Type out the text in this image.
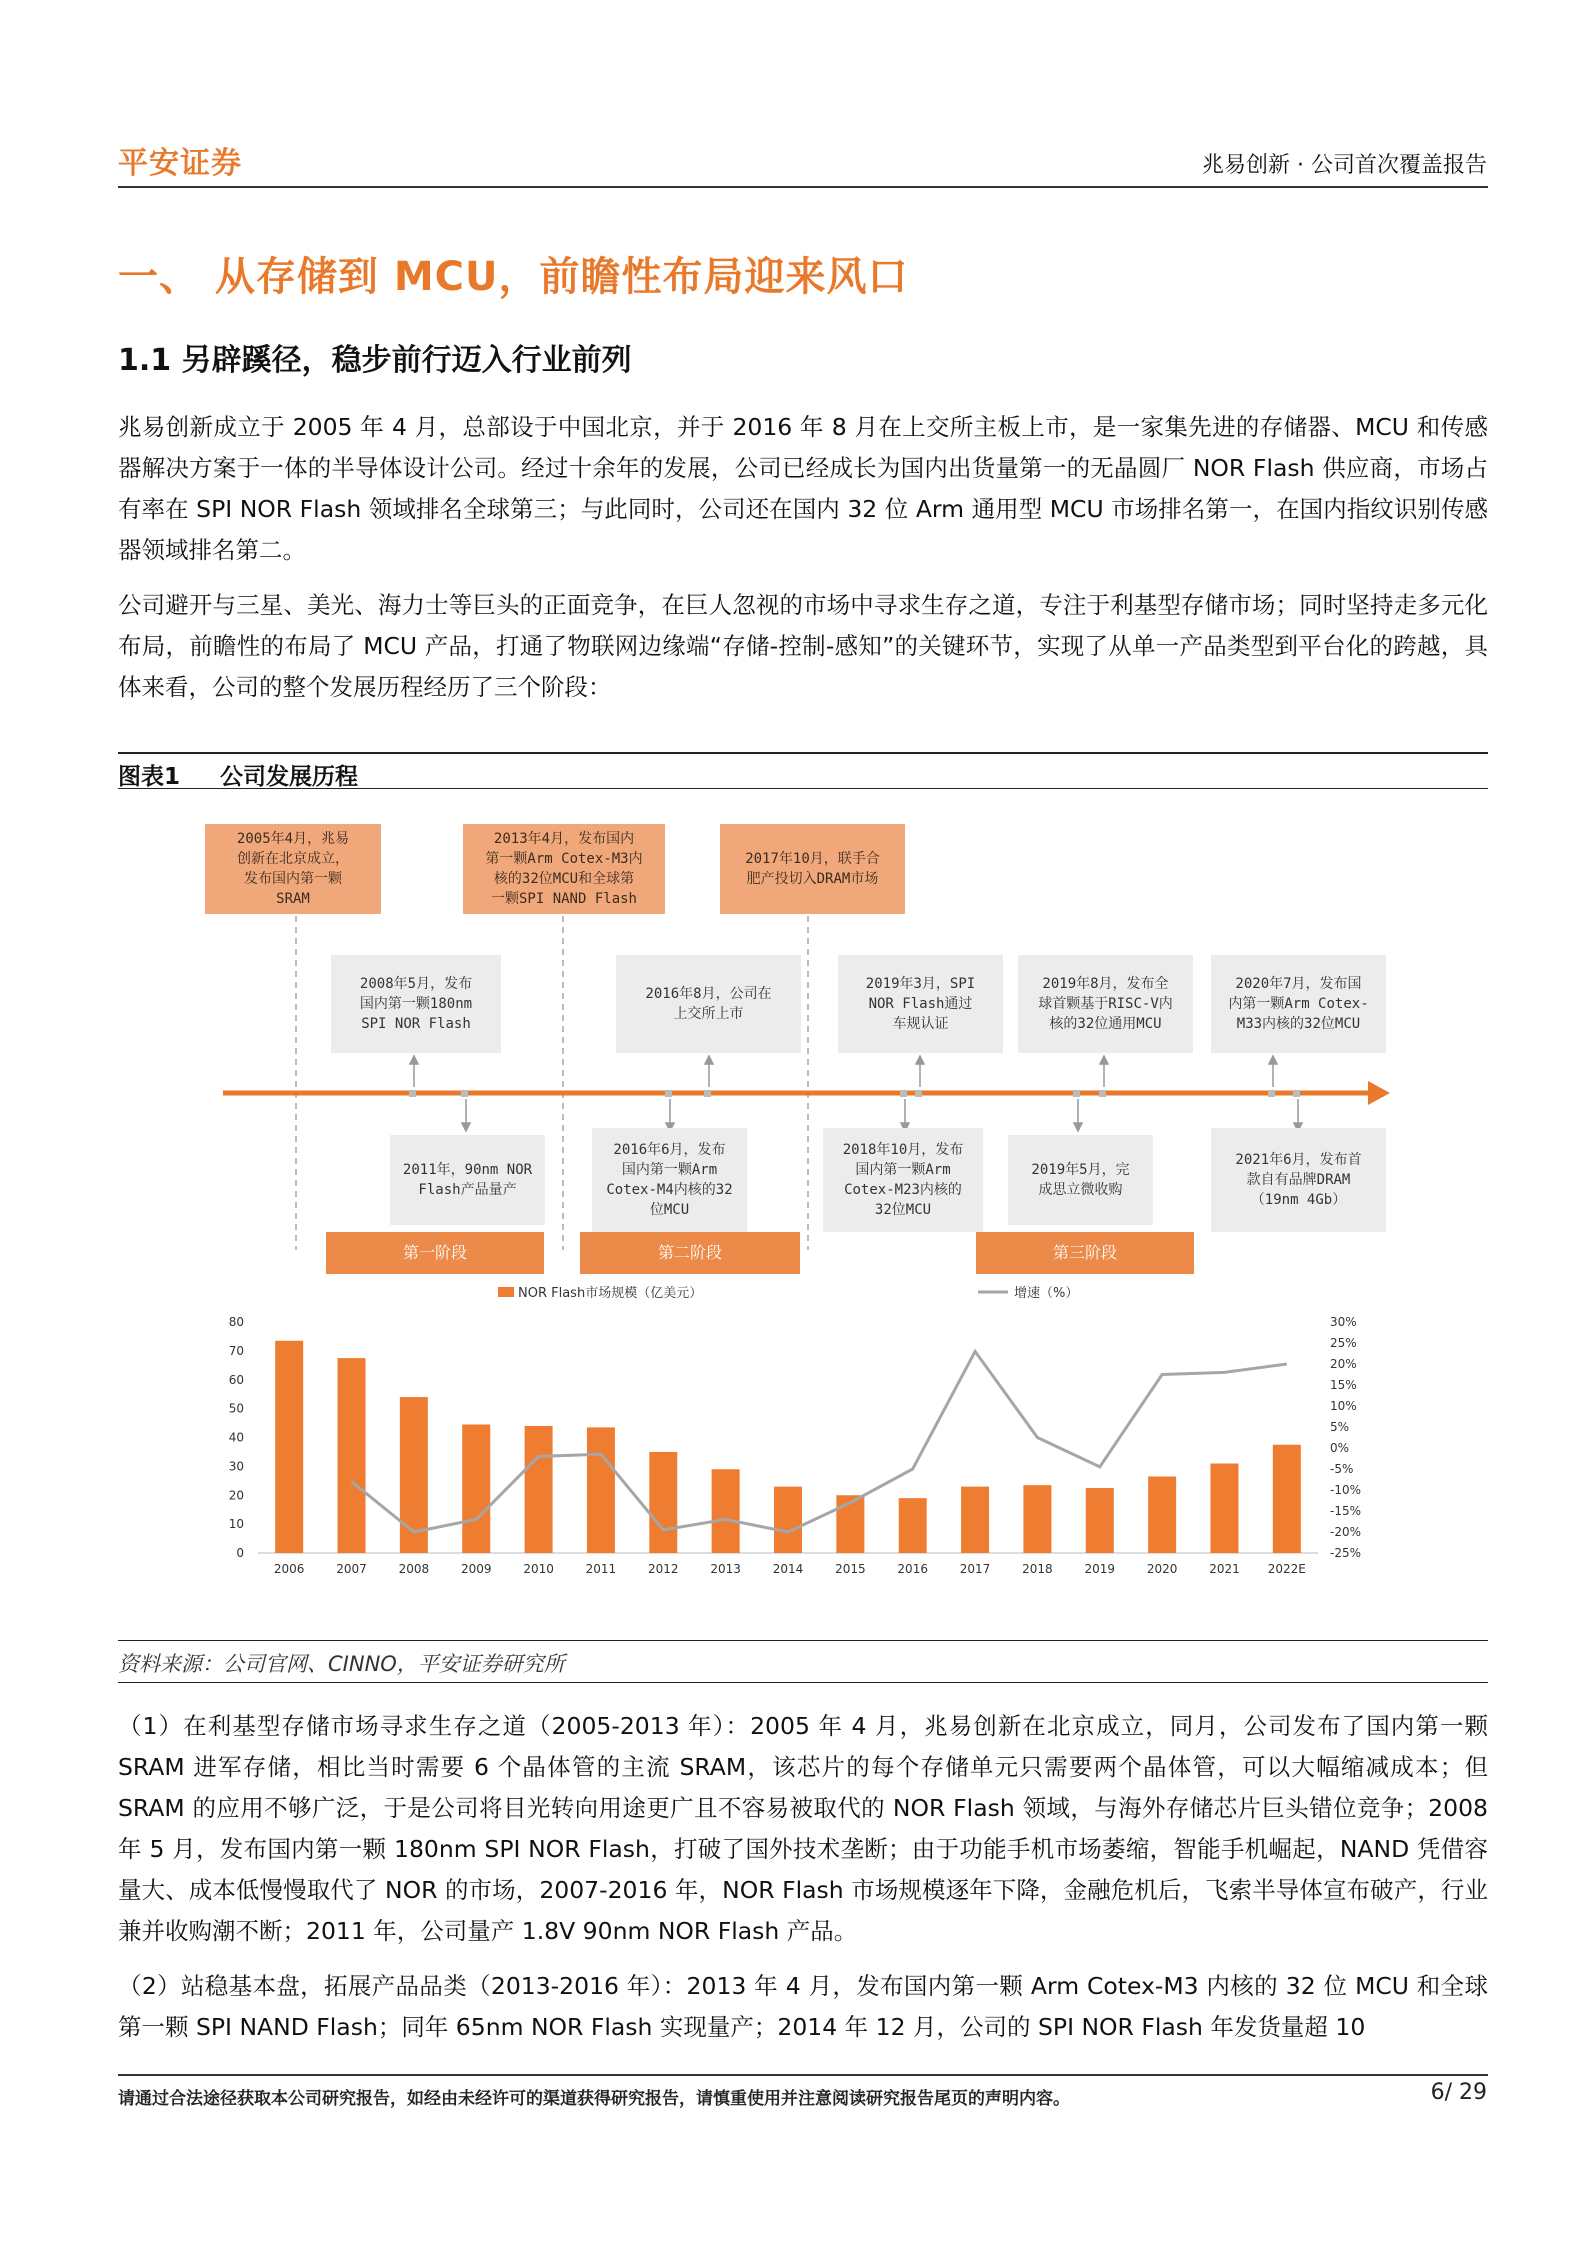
平安证券	兆易创新 · 公司首次覆盖报告
一、 从存储到 MCU，前瞻性布局迎来风口
1.1 另辟蹊径，稳步前行迈入行业前列
兆易创新成立于 2005 年 4 月，总部设于中国北京，并于 2016 年 8 月在上交所主板上市，是一家集先进的存储器、MCU 和传感器解决方案于一体的半导体设计公司。经过十余年的发展，公司已经成长为国内出货量第一的无晶圆厂 NOR Flash 供应商，市场占有率在 SPI NOR Flash 领域排名全球第三；与此同时，公司还在国内 32 位 Arm 通用型 MCU 市场排名第一，在国内指纹识别传感器领域排名第二。
公司避开与三星、美光、海力士等巨头的正面竞争，在巨人忽视的市场中寻求生存之道，专注于利基型存储市场；同时坚持走多元化布局，前瞻性的布局了 MCU 产品，打通了物联网边缘端“存储-控制-感知”的关键环节，实现了从单一产品类型到平台化的跨越，具体来看，公司的整个发展历程经历了三个阶段：
图表1 公司发展历程
2005年4月，兆易
创新在北京成立，
发布国内第一颗
SRAM
2013年4月，发布国内
第一颗Arm Cotex-M3内
核的32位MCU和全球第
一颗SPI NAND Flash
2017年10月，联手合
肥产投切入DRAM市场
2008年5月，发布
国内第一颗180nm
SPI NOR Flash
2016年8月，公司在
上交所上市
2019年3月，SPI
NOR Flash通过
车规认证
2019年8月，发布全
球首颗基于RISC-V内
核的32位通用MCU
2020年7月，发布国
内第一颗Arm Cotex-
M33内核的32位MCU
2011年，90nm NOR
Flash产品量产
2016年6月，发布
国内第一颗Arm
Cotex-M4内核的32
位MCU
2018年10月，发布
国内第一颗Arm
Cotex-M23内核的
32位MCU
2019年5月，完
成思立微收购
2021年6月，发布首
款自有品牌DRAM
（19nm 4Gb）
第一阶段	第二阶段	第三阶段
NOR Flash市场规模（亿美元）	增速（%）
0
10
20
30
40
50
60
70
80
-25%
-20%
-15%
-10%
-5%
0%
5%
10%
15%
20%
25%
30%
2006	2007	2008	2009	2010	2011	2012	2013	2014	2015	2016	2017	2018	2019	2020	2021 2022E
资料来源：公司官网、CINNO，平安证券研究所
（1）在利基型存储市场寻求生存之道（2005-2013 年）：2005 年 4 月，兆易创新在北京成立，同月，公司发布了国内第一颗 SRAM 进军存储，相比当时需要 6 个晶体管的主流 SRAM，该芯片的每个存储单元只需要两个晶体管，可以大幅缩减成本；但 SRAM 的应用不够广泛，于是公司将目光转向用途更广且不容易被取代的 NOR Flash 领域，与海外存储芯片巨头错位竞争；2008 年 5 月，发布国内第一颗 180nm SPI NOR Flash，打破了国外技术垄断；由于功能手机市场萎缩，智能手机崛起，NAND 凭借容量大、成本低慢慢取代了 NOR 的市场，2007-2016 年，NOR Flash 市场规模逐年下降，金融危机后，飞索半导体宣布破产，行业兼并收购潮不断；2011 年，公司量产 1.8V 90nm NOR Flash 产品。
（2）站稳基本盘，拓展产品品类（2013-2016 年）：2013 年 4 月，发布国内第一颗 Arm Cotex-M3 内核的 32 位 MCU 和全球第一颗 SPI NAND Flash；同年 65nm NOR Flash 实现量产；2014 年 12 月，公司的 SPI NOR Flash 年发货量超 10
请通过合法途径获取本公司研究报告，如经由未经许可的渠道获得研究报告，请慎重使用并注意阅读研究报告尾页的声明内容。	6/ 29
